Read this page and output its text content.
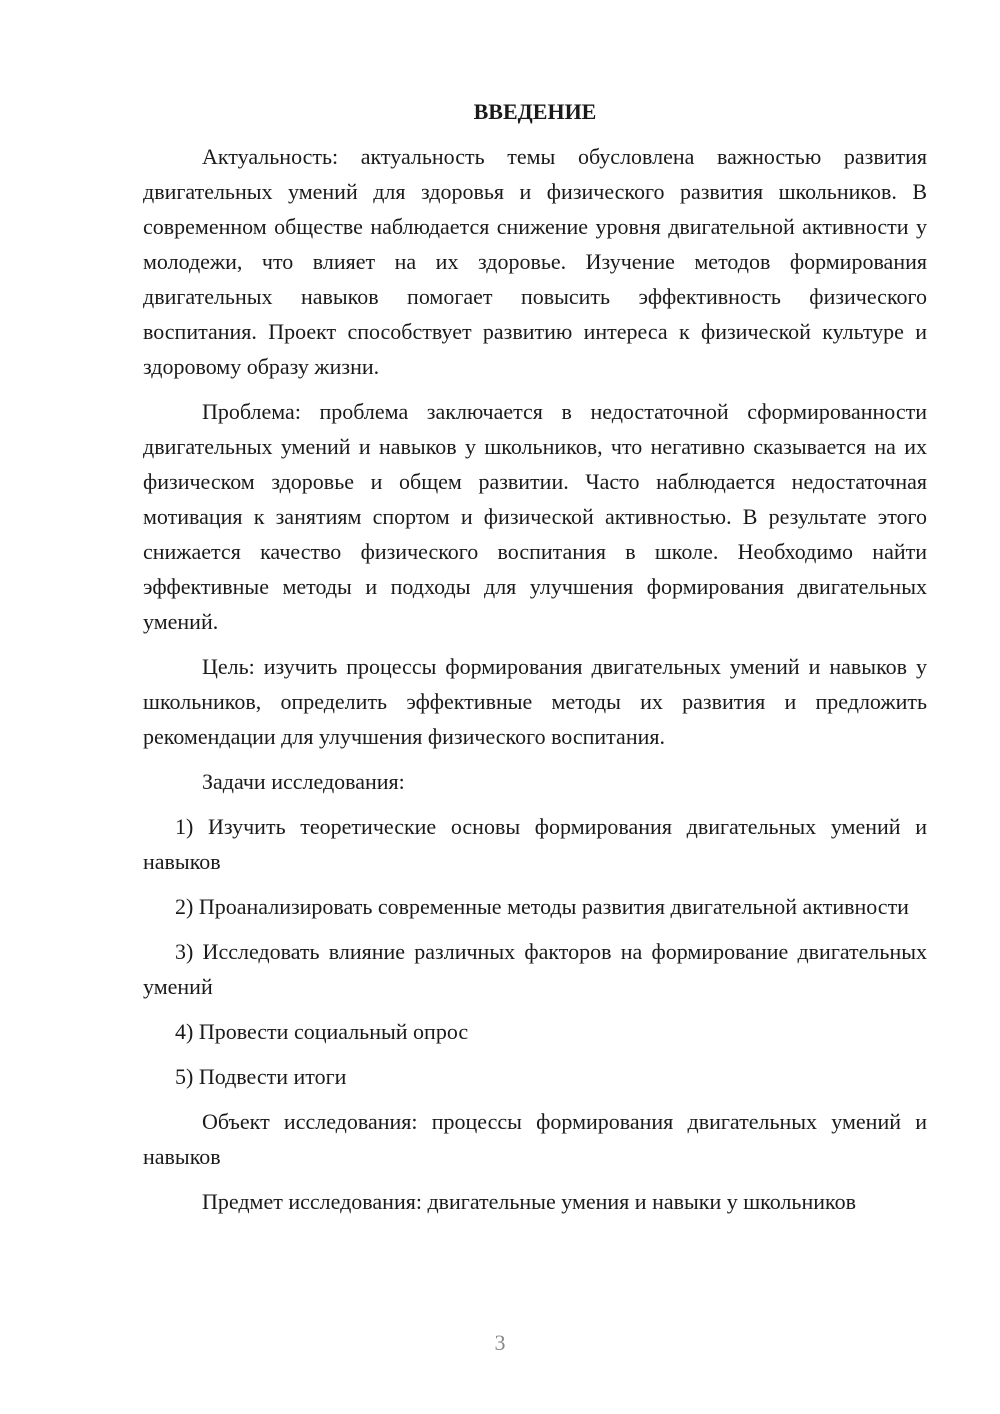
ВВЕДЕНИЕ

Актуальность: актуальность темы обусловлена важностью развития двигательных умений для здоровья и физического развития школьников. В современном обществе наблюдается снижение уровня двигательной активности у молодежи, что влияет на их здоровье. Изучение методов формирования двигательных навыков помогает повысить эффективность физического воспитания. Проект способствует развитию интереса к физической культуре и здоровому образу жизни.

Проблема: проблема заключается в недостаточной сформированности двигательных умений и навыков у школьников, что негативно сказывается на их физическом здоровье и общем развитии. Часто наблюдается недостаточная мотивация к занятиям спортом и физической активностью. В результате этого снижается качество физического воспитания в школе. Необходимо найти эффективные методы и подходы для улучшения формирования двигательных умений.

Цель: изучить процессы формирования двигательных умений и навыков у школьников, определить эффективные методы их развития и предложить рекомендации для улучшения физического воспитания.

Задачи исследования:

1) Изучить теоретические основы формирования двигательных умений и навыков

2) Проанализировать современные методы развития двигательной активности

3) Исследовать влияние различных факторов на формирование двигательных умений

4) Провести социальный опрос

5) Подвести итоги

Объект исследования: процессы формирования двигательных умений и навыков

Предмет исследования: двигательные умения и навыки у школьников

3
